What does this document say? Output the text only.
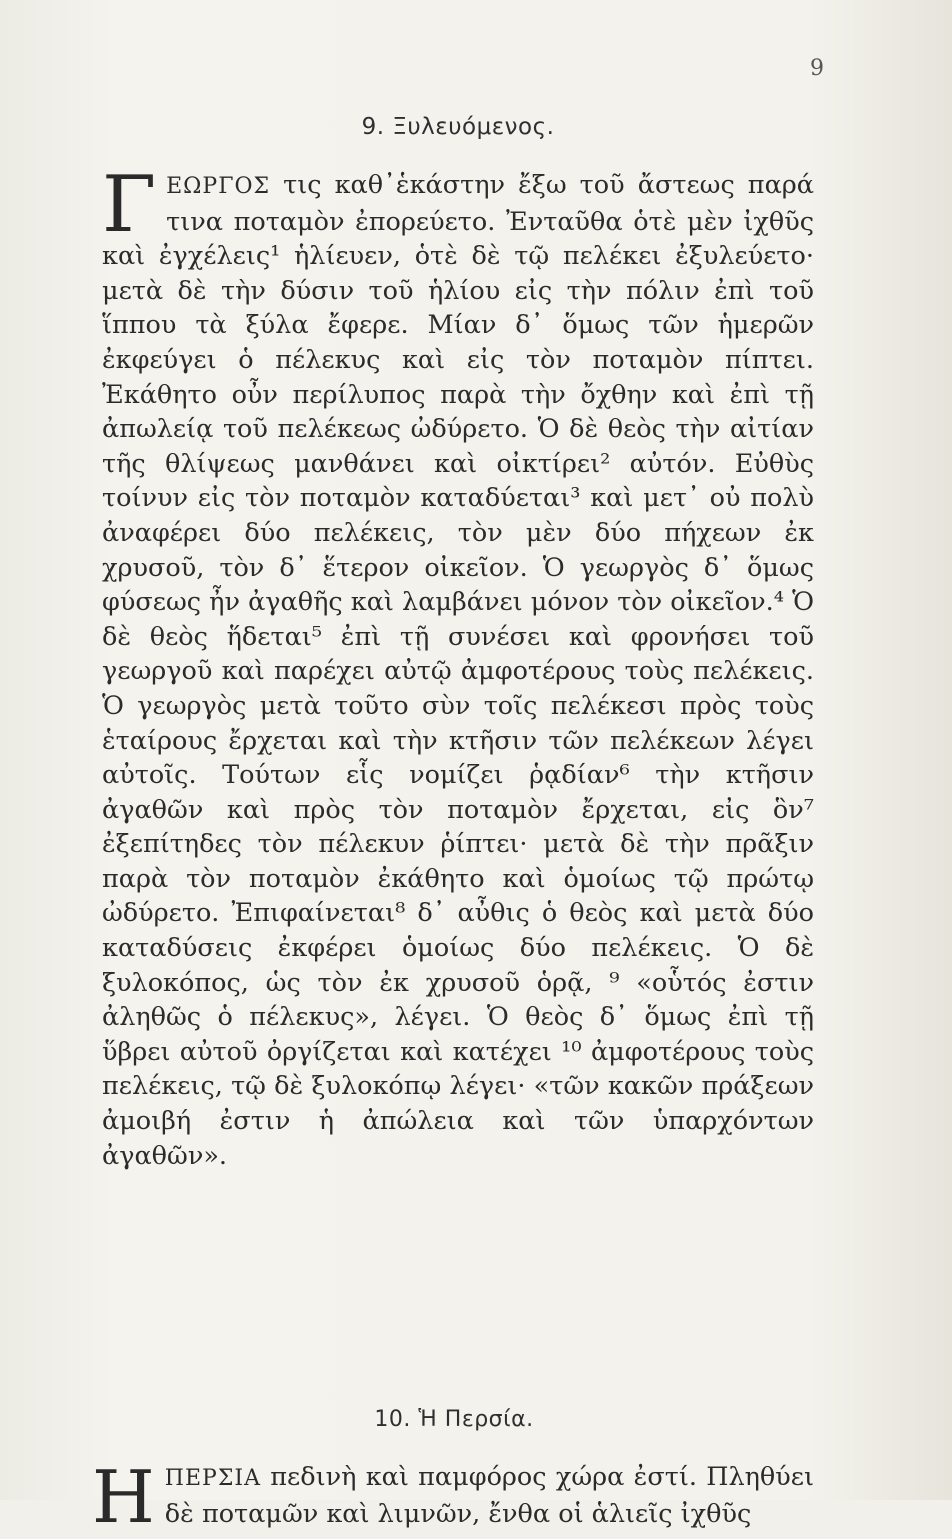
9
9. Ξυλευόμενος.

ΓΕΩΡΓΟΣ τις καθ᾽ἑκάστην ἔξω τοῦ ἄστεως παρά τινα ποταμὸν ἐπορεύετο. Ἐνταῦθα ὁτὲ μὲν ἰχθῦς καὶ ἐγχέλεις¹ ἡλίευεν, ὁτὲ δὲ τῷ πελέκει ἐξυλεύετο· μετὰ δὲ τὴν δύσιν τοῦ ἡλίου εἰς τὴν πόλιν ἐπὶ τοῦ ἵππου τὰ ξύλα ἔφερε. Μίαν δ᾽ ὅμως τῶν ἡμερῶν ἐκφεύγει ὁ πέλεκυς καὶ εἰς τὸν ποταμὸν πίπτει. Ἐκάθητο οὖν περίλυπος παρὰ τὴν ὄχθην καὶ ἐπὶ τῇ ἀπωλείᾳ τοῦ πελέκεως ὠδύρετο. Ὁ δὲ θεὸς τὴν αἰτίαν τῆς θλίψεως μανθάνει καὶ οἰκτίρει² αὐτόν. Εὐθὺς τοίνυν εἰς τὸν ποταμὸν καταδύεται³ καὶ μετ᾽ οὐ πολὺ ἀναφέρει δύο πελέκεις, τὸν μὲν δύο πήχεων ἐκ χρυσοῦ, τὸν δ᾽ ἕτερον οἰκεῖον. Ὁ γεωργὸς δ᾽ ὅμως φύσεως ἦν ἀγαθῆς καὶ λαμβάνει μόνον τὸν οἰκεῖον.⁴ Ὁ δὲ θεὸς ἥδεται⁵ ἐπὶ τῇ συνέσει καὶ φρονήσει τοῦ γεωργοῦ καὶ παρέχει αὐτῷ ἀμφοτέρους τοὺς πελέκεις. Ὁ γεωργὸς μετὰ τοῦτο σὺν τοῖς πελέκεσι πρὸς τοὺς ἑταίρους ἔρχεται καὶ τὴν κτῆσιν τῶν πελέκεων λέγει αὐτοῖς. Τούτων εἷς νομίζει ῥᾳδίαν⁶ τὴν κτῆσιν ἀγαθῶν καὶ πρὸς τὸν ποταμὸν ἔρχεται, εἰς ὃν⁷ ἐξεπίτηδες τὸν πέλεκυν ῥίπτει· μετὰ δὲ τὴν πρᾶξιν παρὰ τὸν ποταμὸν ἐκάθητο καὶ ὁμοίως τῷ πρώτῳ ὠδύρετο. Ἐπιφαίνεται⁸ δ᾽ αὖθις ὁ θεὸς καὶ μετὰ δύο καταδύσεις ἐκφέρει ὁμοίως δύο πελέκεις. Ὁ δὲ ξυλοκόπος, ὡς τὸν ἐκ χρυσοῦ ὁρᾷ, ⁹ «οὗτός ἐστιν ἀληθῶς ὁ πέλεκυς», λέγει. Ὁ θεὸς δ᾽ ὅμως ἐπὶ τῇ ὕβρει αὐτοῦ ὀργίζεται καὶ κατέχει ¹⁰ ἀμφοτέρους τοὺς πελέκεις, τῷ δὲ ξυλοκόπῳ λέγει· «τῶν κακῶν πράξεων ἀμοιβή ἐστιν ἡ ἀπώλεια καὶ τῶν ὑπαρχόντων ἀγαθῶν».

10. Ἡ Περσία.

ΗΠΕΡΣΙΑ πεδινὴ καὶ παμφόρος χώρα ἐστί. Πληθύει δὲ ποταμῶν καὶ λιμνῶν, ἔνθα οἱ ἁλιεῖς ἰχθῦς
